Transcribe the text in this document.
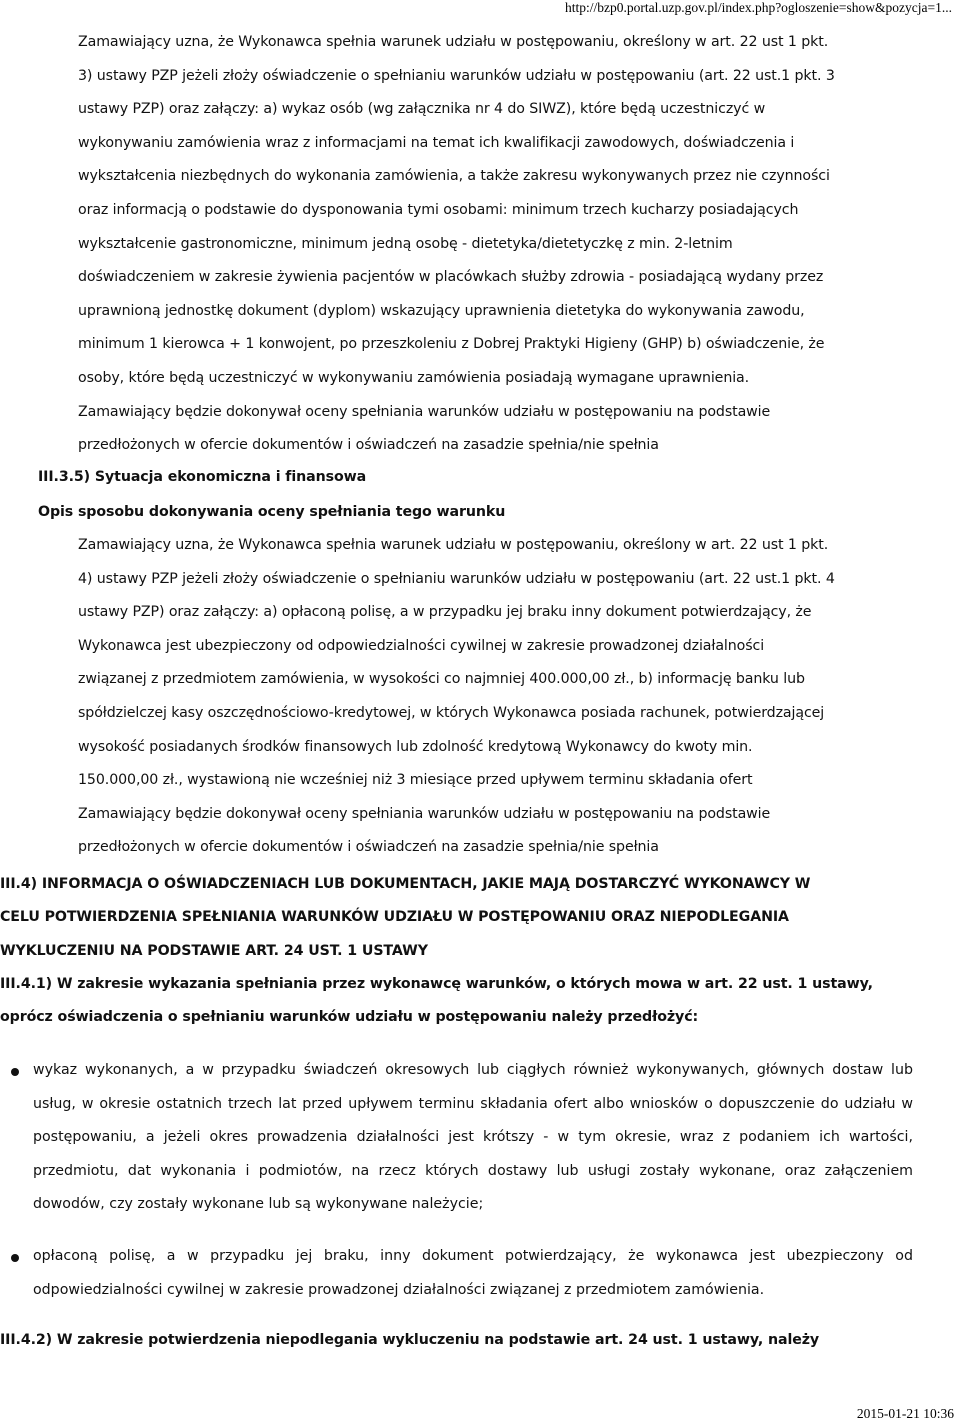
http://bzp0.portal.uzp.gov.pl/index.php?ogloszenie=show&pozycja=1...
Zamawiający uzna, że Wykonawca spełnia warunek udziału w postępowaniu, określony w art. 22 ust 1 pkt.
3) ustawy PZP jeżeli złoży oświadczenie o spełnianiu warunków udziału w postępowaniu (art. 22 ust.1 pkt. 3
ustawy PZP) oraz załączy: a) wykaz osób (wg załącznika nr 4 do SIWZ), które będą uczestniczyć w
wykonywaniu zamówienia wraz z informacjami na temat ich kwalifikacji zawodowych, doświadczenia i
wykształcenia niezbędnych do wykonania zamówienia, a także zakresu wykonywanych przez nie czynności
oraz informacją o podstawie do dysponowania tymi osobami: minimum trzech kucharzy posiadających
wykształcenie gastronomiczne, minimum jedną osobę - dietetyka/dietetyczkę z min. 2-letnim
doświadczeniem w zakresie żywienia pacjentów w placówkach służby zdrowia - posiadającą wydany przez
uprawnioną jednostkę dokument (dyplom) wskazujący uprawnienia dietetyka do wykonywania zawodu,
minimum 1 kierowca + 1 konwojent, po przeszkoleniu z Dobrej Praktyki Higieny (GHP) b) oświadczenie, że
osoby, które będą uczestniczyć w wykonywaniu zamówienia posiadają wymagane uprawnienia.
Zamawiający będzie dokonywał oceny spełniania warunków udziału w postępowaniu na podstawie
przedłożonych w ofercie dokumentów i oświadczeń na zasadzie spełnia/nie spełnia
III.3.5) Sytuacja ekonomiczna i finansowa
Opis sposobu dokonywania oceny spełniania tego warunku
Zamawiający uzna, że Wykonawca spełnia warunek udziału w postępowaniu, określony w art. 22 ust 1 pkt.
4) ustawy PZP jeżeli złoży oświadczenie o spełnianiu warunków udziału w postępowaniu (art. 22 ust.1 pkt. 4
ustawy PZP) oraz załączy: a) opłaconą polisę, a w przypadku jej braku inny dokument potwierdzający, że
Wykonawca jest ubezpieczony od odpowiedzialności cywilnej w zakresie prowadzonej działalności
związanej z przedmiotem zamówienia, w wysokości co najmniej 400.000,00 zł., b) informację banku lub
spółdzielczej kasy oszczędnościowo-kredytowej, w których Wykonawca posiada rachunek, potwierdzającej
wysokość posiadanych środków finansowych lub zdolność kredytową Wykonawcy do kwoty min.
150.000,00 zł., wystawioną nie wcześniej niż 3 miesiące przed upływem terminu składania ofert
Zamawiający będzie dokonywał oceny spełniania warunków udziału w postępowaniu na podstawie
przedłożonych w ofercie dokumentów i oświadczeń na zasadzie spełnia/nie spełnia
III.4) INFORMACJA O OŚWIADCZENIACH LUB DOKUMENTACH, JAKIE MAJĄ DOSTARCZYĆ WYKONAWCY W
CELU POTWIERDZENIA SPEŁNIANIA WARUNKÓW UDZIAŁU W POSTĘPOWANIU ORAZ NIEPODLEGANIA
WYKLUCZENIU NA PODSTAWIE ART. 24 UST. 1 USTAWY
III.4.1) W zakresie wykazania spełniania przez wykonawcę warunków, o których mowa w art. 22 ust. 1 ustawy,
oprócz oświadczenia o spełnianiu warunków udziału w postępowaniu należy przedłożyć:
wykaz wykonanych, a w przypadku świadczeń okresowych lub ciągłych również wykonywanych, głównych dostaw lub usług, w okresie ostatnich trzech lat przed upływem terminu składania ofert albo wniosków o dopuszczenie do udziału w postępowaniu, a jeżeli okres prowadzenia działalności jest krótszy - w tym okresie, wraz z podaniem ich wartości, przedmiotu, dat wykonania i podmiotów, na rzecz których dostawy lub usługi zostały wykonane, oraz załączeniem dowodów, czy zostały wykonane lub są wykonywane należycie;
opłaconą polisę, a w przypadku jej braku, inny dokument potwierdzający, że wykonawca jest ubezpieczony od odpowiedzialności cywilnej w zakresie prowadzonej działalności związanej z przedmiotem zamówienia.
III.4.2) W zakresie potwierdzenia niepodlegania wykluczeniu na podstawie art. 24 ust. 1 ustawy, należy
2015-01-21 10:36
